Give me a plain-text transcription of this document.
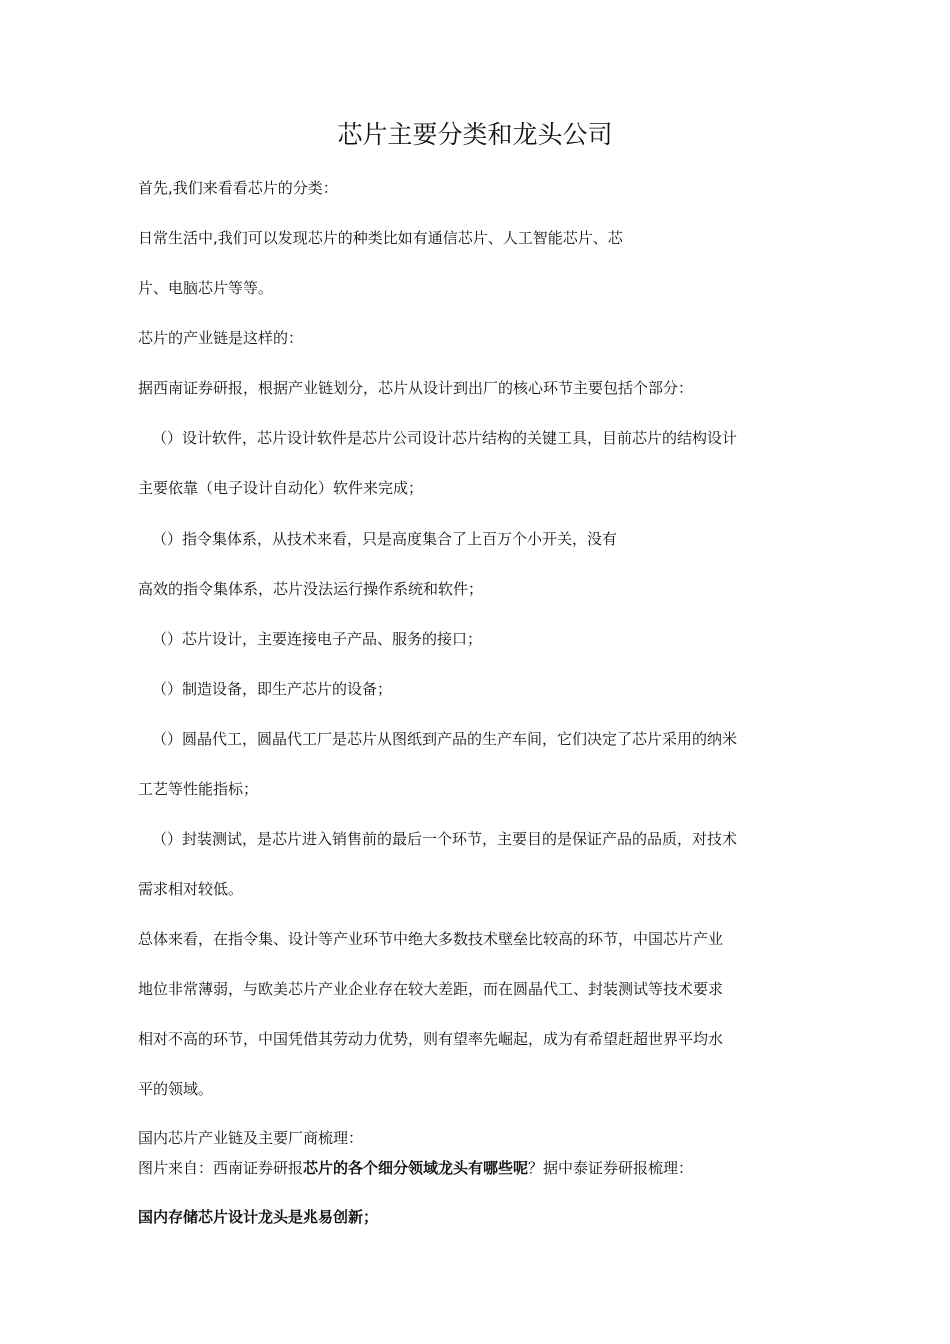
芯片主要分类和龙头公司
首先,我们来看看芯片的分类：
日常生活中,我们可以发现芯片的种类比如有通信芯片、人工智能芯片、芯
片、电脑芯片等等。
芯片的产业链是这样的：
据西南证券研报，根据产业链划分，芯片从设计到出厂的核心环节主要包括个部分：
（）设计软件，芯片设计软件是芯片公司设计芯片结构的关键工具，目前芯片的结构设计
主要依靠（电子设计自动化）软件来完成；
（）指令集体系，从技术来看，只是高度集合了上百万个小开关，没有
高效的指令集体系，芯片没法运行操作系统和软件；
（）芯片设计，主要连接电子产品、服务的接口；
（）制造设备，即生产芯片的设备；
（）圆晶代工，圆晶代工厂是芯片从图纸到产品的生产车间，它们决定了芯片采用的纳米
工艺等性能指标；
（）封装测试，是芯片进入销售前的最后一个环节，主要目的是保证产品的品质，对技术
需求相对较低。
总体来看，在指令集、设计等产业环节中绝大多数技术壁垒比较高的环节，中国芯片产业
地位非常薄弱，与欧美芯片产业企业存在较大差距，而在圆晶代工、封装测试等技术要求
相对不高的环节，中国凭借其劳动力优势，则有望率先崛起，成为有希望赶超世界平均水
平的领域。
国内芯片产业链及主要厂商梳理：
图片来自：西南证券研报芯片的各个细分领域龙头有哪些呢？据中泰证券研报梳理：
国内存储芯片设计龙头是兆易创新；
